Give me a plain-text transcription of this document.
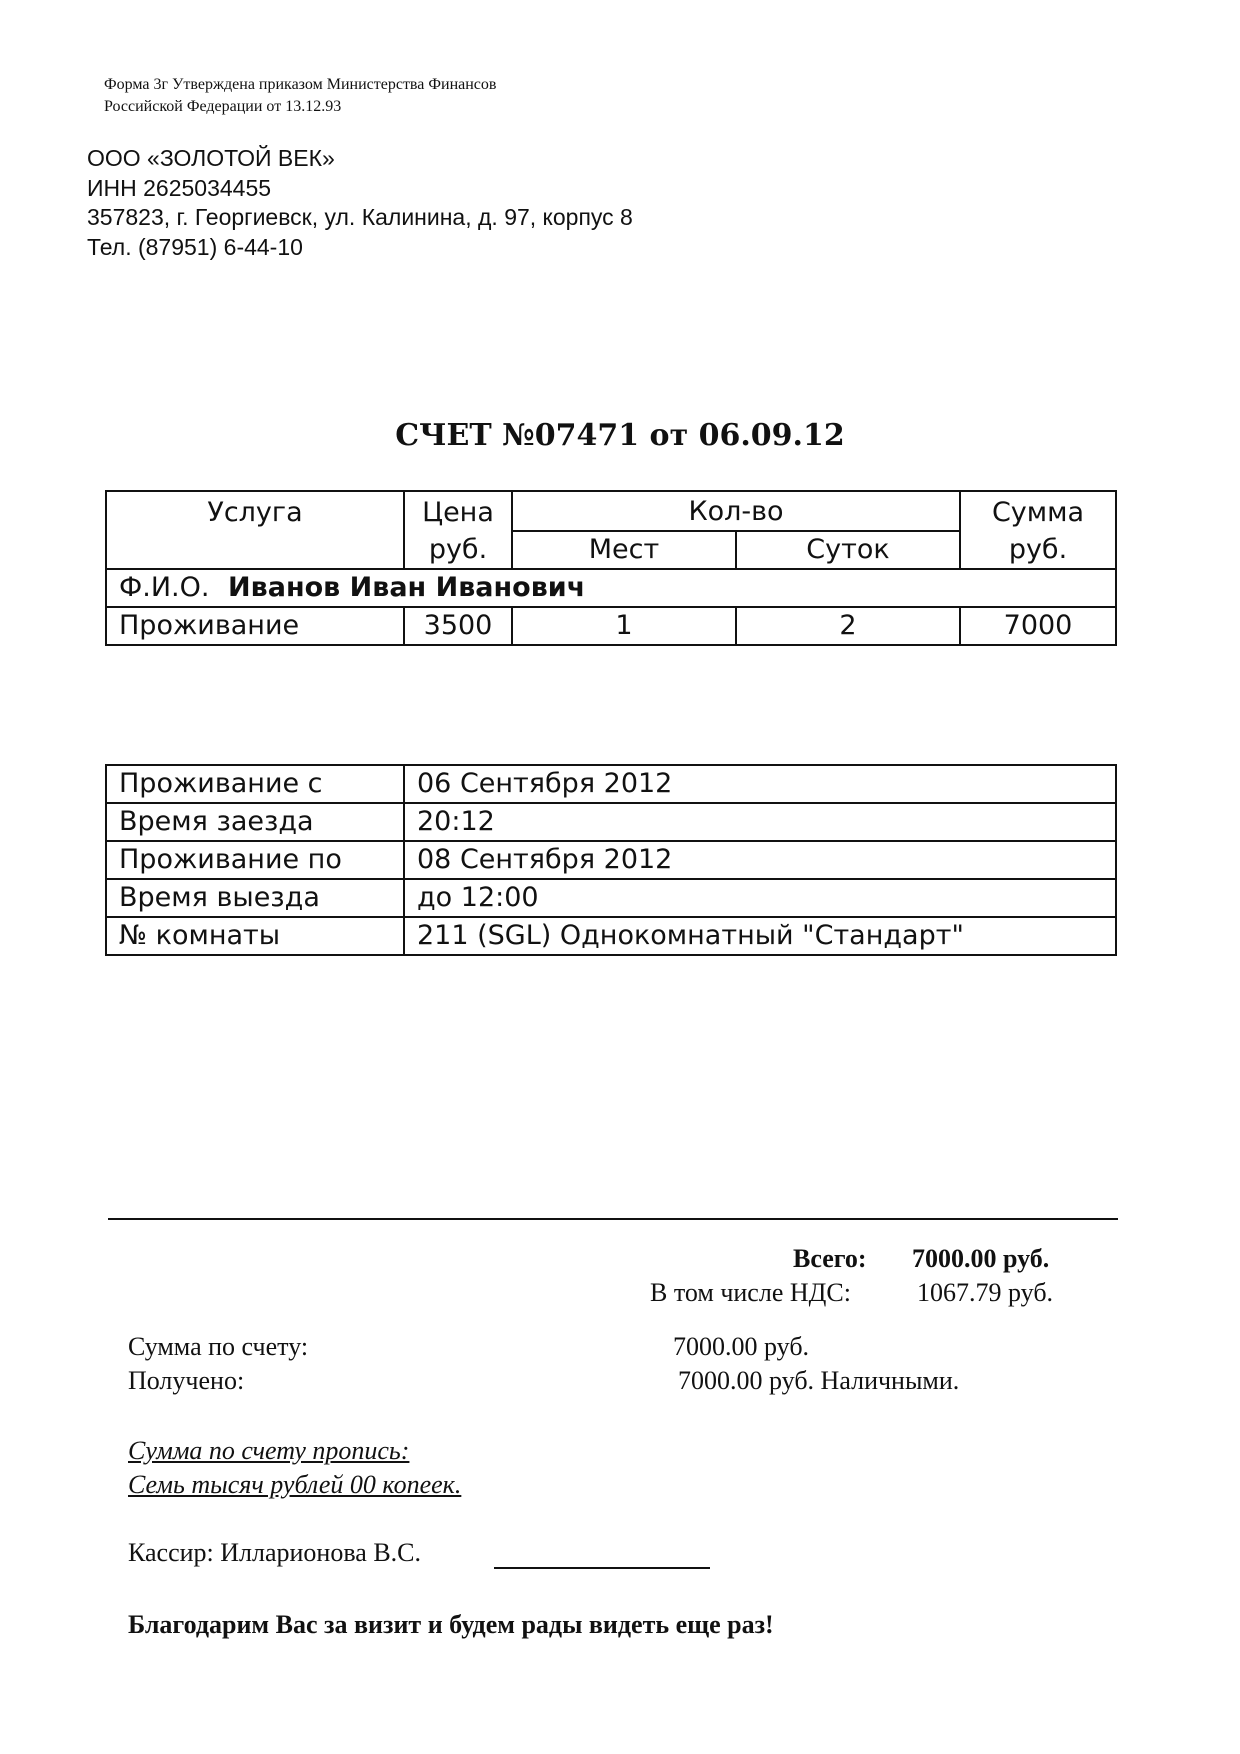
Форма 3г Утверждена приказом Министерства Финансов
Российской Федерации от 13.12.93
ООО «ЗОЛОТОЙ ВЕК»
ИНН 2625034455
357823, г. Георгиевск, ул. Калинина, д. 97, корпус 8
Тел. (87951) 6-44-10
СЧЕТ №07471 от 06.09.12
Услуга	Цена	Кол-во		Сумма
	руб.	Мест	Суток	руб.
Ф.И.О. Иванов Иван Иванович				
Проживание	3500	1	2	7000
Проживание с	06 Сентября 2012
Время заезда	20:12
Проживание по	08 Сентября 2012
Время выезда	до 12:00
№ комнаты	211 (SGL) Однокомнатный "Стандарт"
Всего: 7000.00 руб.
В том числе НДС:	1067.79 руб.
Сумма по счету:	7000.00 руб.
Получено:	7000.00 руб. Наличными.
Сумма по счету пропись:
Семь тысяч рублей 00 копеек.
Кассир: Илларионова В.С.
Благодарим Вас за визит и будем рады видеть еще раз!
